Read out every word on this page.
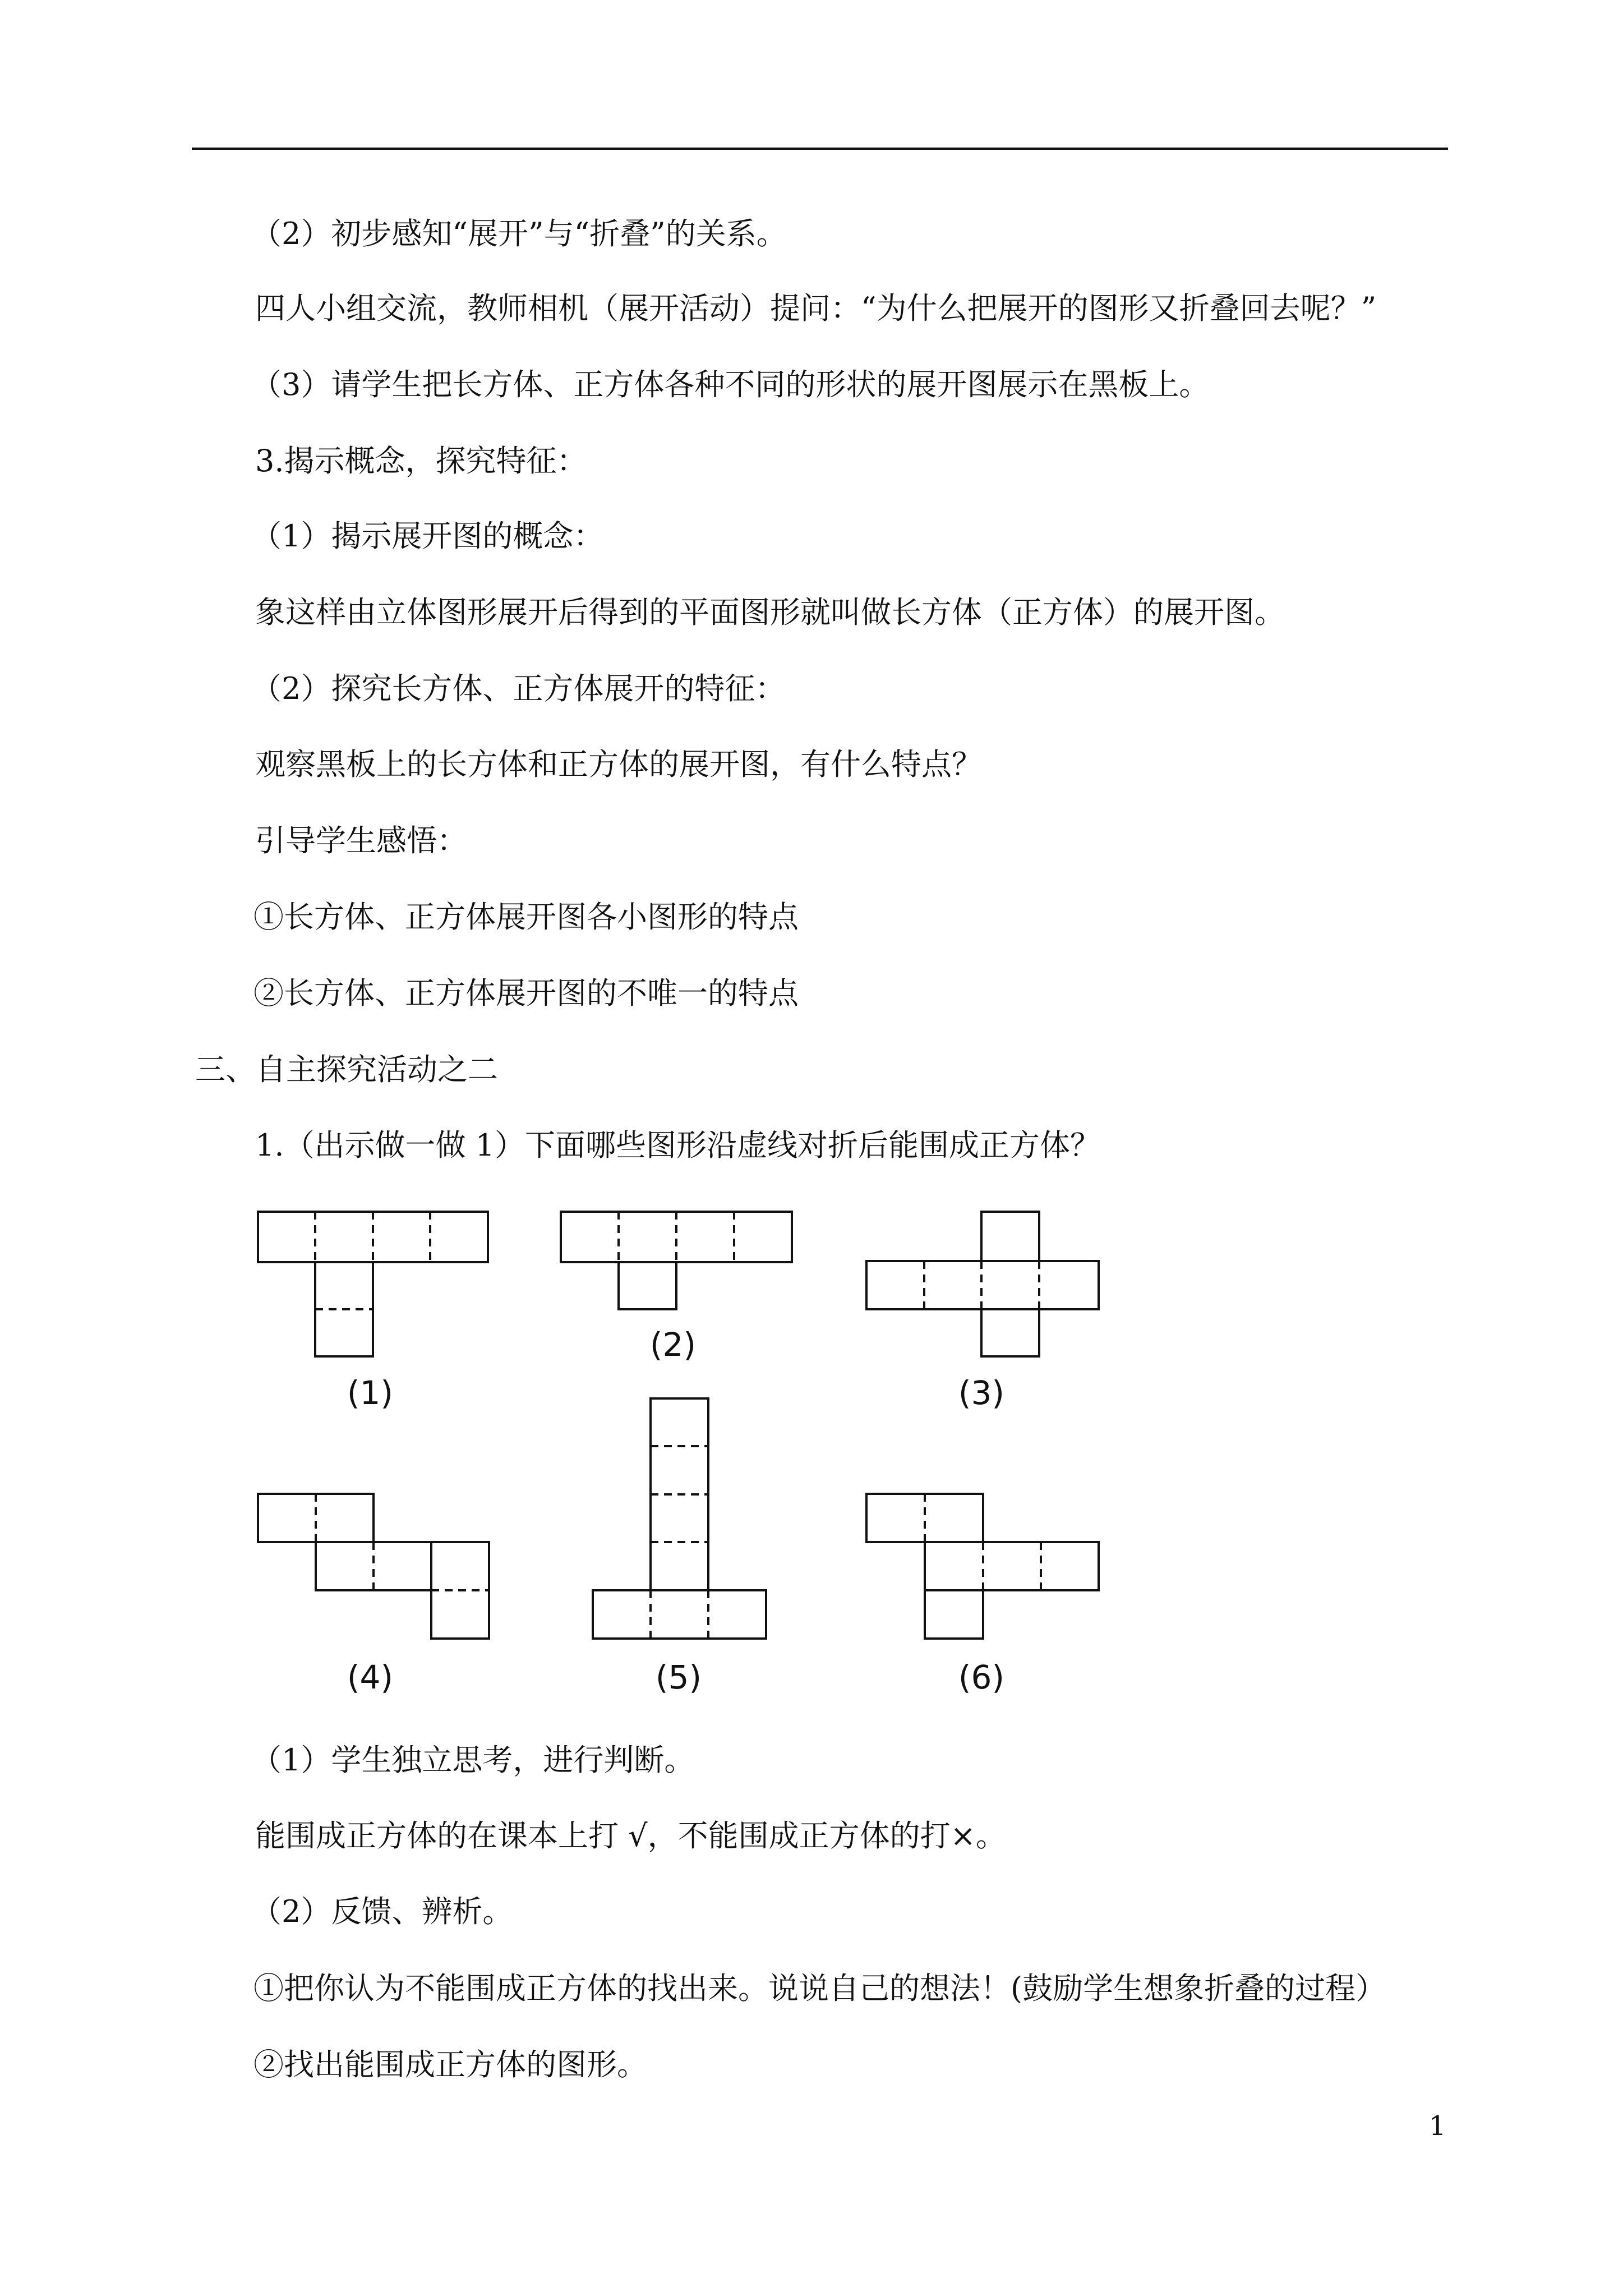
（2）初步感知“展开”与“折叠”的关系。
四人小组交流，教师相机（展开活动）提问：“为什么把展开的图形又折叠回去呢？”
（3）请学生把长方体、正方体各种不同的形状的展开图展示在黑板上。
3.揭示概念，探究特征：
（1）揭示展开图的概念：
象这样由立体图形展开后得到的平面图形就叫做长方体（正方体）的展开图。
（2）探究长方体、正方体展开的特征：
观察黑板上的长方体和正方体的展开图，有什么特点？
引导学生感悟：
①长方体、正方体展开图各小图形的特点
②长方体、正方体展开图的不唯一的特点
三、自主探究活动之二
1.（出示做一做 1）下面哪些图形沿虚线对折后能围成正方体？
(1)
(2)
(3)
(4)	(5)	(6)
（1）学生独立思考，进行判断。
能围成正方体的在课本上打 √，不能围成正方体的打×。
（2）反馈、辨析。
①把你认为不能围成正方体的找出来。说说自己的想法！(鼓励学生想象折叠的过程）
②找出能围成正方体的图形。
1
